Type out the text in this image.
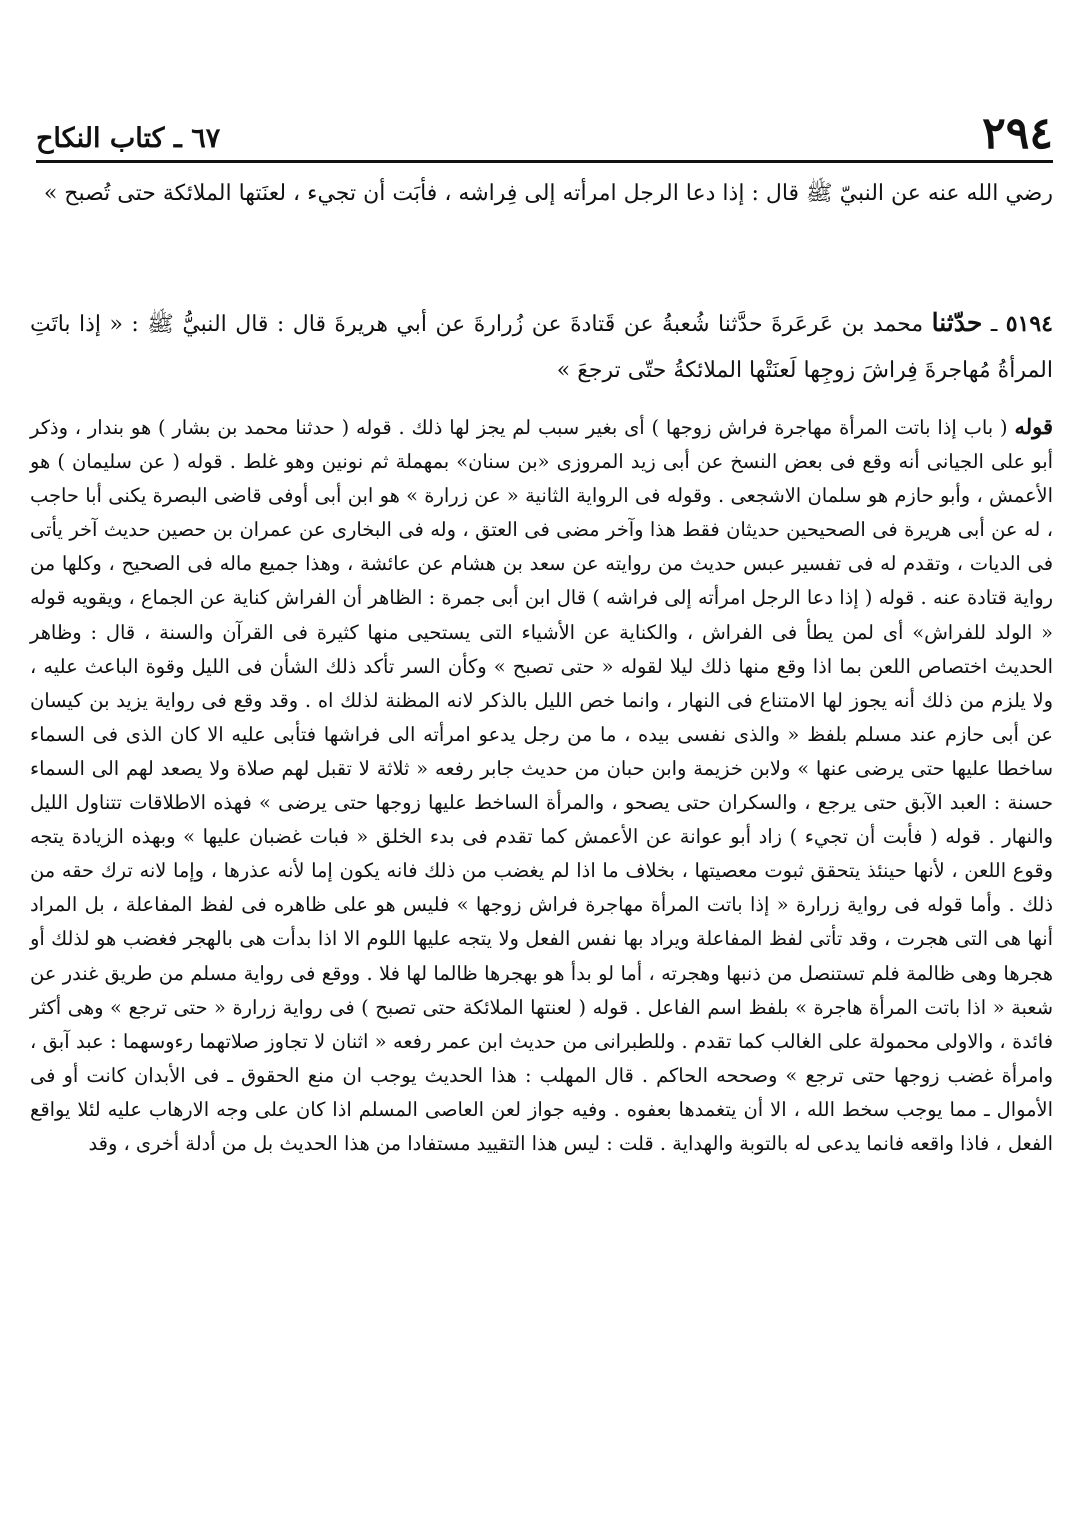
٢٩٤
٦٧ ـ كتاب النكاح
رضي الله عنه عن النبيّ ﷺ قال : إذا دعا الرجل امرأته إلى فِراشه ، فأبَت أن تجيء ، لعنَتها الملائكة حتى تُصبح »
٥١٩٤ ـ حدّثنا محمد بن عَرعَرةَ حدَّثنا شُعبةُ عن قَتادةَ عن زُرارةَ عن أبي هريرةَ قال : قال النبيُّ ﷺ : « إذا باتَتِ المرأةُ مُهاجرةَ فِراشَ زوجِها لَعنَتْها الملائكةُ حتّى ترجعَ »
قوله ( باب إذا باتت المرأة مهاجرة فراش زوجها ) أى بغير سبب لم يجز لها ذلك . قوله ( حدثنا محمد بن بشار ) هو بندار ، وذكر أبو على الجيانى أنه وقع فى بعض النسخ عن أبى زيد المروزى «بن سنان» بمهملة ثم نونين وهو غلط . قوله ( عن سليمان ) هو الأعمش ، وأبو حازم هو سلمان الاشجعى . وقوله فى الرواية الثانية « عن زرارة » هو ابن أبى أوفى قاضى البصرة يكنى أبا حاجب ، له عن أبى هريرة فى الصحيحين حديثان فقط هذا وآخر مضى فى العتق ، وله فى البخارى عن عمران بن حصين حديث آخر يأتى فى الديات ، وتقدم له فى تفسير عبس حديث من روايته عن سعد بن هشام عن عائشة ، وهذا جميع ماله فى الصحيح ، وكلها من رواية قتادة عنه . قوله ( إذا دعا الرجل امرأته إلى فراشه ) قال ابن أبى جمرة : الظاهر أن الفراش كناية عن الجماع ، ويقويه قوله « الولد للفراش» أى لمن يطأ فى الفراش ، والكناية عن الأشياء التى يستحيى منها كثيرة فى القرآن والسنة ، قال : وظاهر الحديث اختصاص اللعن بما اذا وقع منها ذلك ليلا لقوله « حتى تصبح » وكأن السر تأكد ذلك الشأن فى الليل وقوة الباعث عليه ، ولا يلزم من ذلك أنه يجوز لها الامتناع فى النهار ، وانما خص الليل بالذكر لانه المظنة لذلك اه . وقد وقع فى رواية يزيد بن كيسان عن أبى حازم عند مسلم بلفظ « والذى نفسى بيده ، ما من رجل يدعو امرأته الى فراشها فتأبى عليه الا كان الذى فى السماء ساخطا عليها حتى يرضى عنها » ولابن خزيمة وابن حبان من حديث جابر رفعه « ثلاثة لا تقبل لهم صلاة ولا يصعد لهم الى السماء حسنة : العبد الآبق حتى يرجع ، والسكران حتى يصحو ، والمرأة الساخط عليها زوجها حتى يرضى » فهذه الاطلاقات تتناول الليل والنهار . قوله ( فأبت أن تجيء ) زاد أبو عوانة عن الأعمش كما تقدم فى بدء الخلق « فبات غضبان عليها » وبهذه الزيادة يتجه وقوع اللعن ، لأنها حينئذ يتحقق ثبوت معصيتها ، بخلاف ما اذا لم يغضب من ذلك فانه يكون إما لأنه عذرها ، وإما لانه ترك حقه من ذلك . وأما قوله فى رواية زرارة « إذا باتت المرأة مهاجرة فراش زوجها » فليس هو على ظاهره فى لفظ المفاعلة ، بل المراد أنها هى التى هجرت ، وقد تأتى لفظ المفاعلة ويراد بها نفس الفعل ولا يتجه عليها اللوم الا اذا بدأت هى بالهجر فغضب هو لذلك أو هجرها وهى ظالمة فلم تستنصل من ذنبها وهجرته ، أما لو بدأ هو بهجرها ظالما لها فلا . ووقع فى رواية مسلم من طريق غندر عن شعبة « اذا باتت المرأة هاجرة » بلفظ اسم الفاعل . قوله ( لعنتها الملائكة حتى تصبح ) فى رواية زرارة « حتى ترجع » وهى أكثر فائدة ، والاولى محمولة على الغالب كما تقدم . وللطبرانى من حديث ابن عمر رفعه « اثنان لا تجاوز صلاتهما رءوسهما : عبد آبق ، وامرأة غضب زوجها حتى ترجع » وصححه الحاكم . قال المهلب : هذا الحديث يوجب ان منع الحقوق ـ فى الأبدان كانت أو فى الأموال ـ مما يوجب سخط الله ، الا أن يتغمدها بعفوه . وفيه جواز لعن العاصى المسلم اذا كان على وجه الارهاب عليه لئلا يواقع الفعل ، فاذا واقعه فانما يدعى له بالتوبة والهداية . قلت : ليس هذا التقييد مستفادا من هذا الحديث بل من أدلة أخرى ، وقد
